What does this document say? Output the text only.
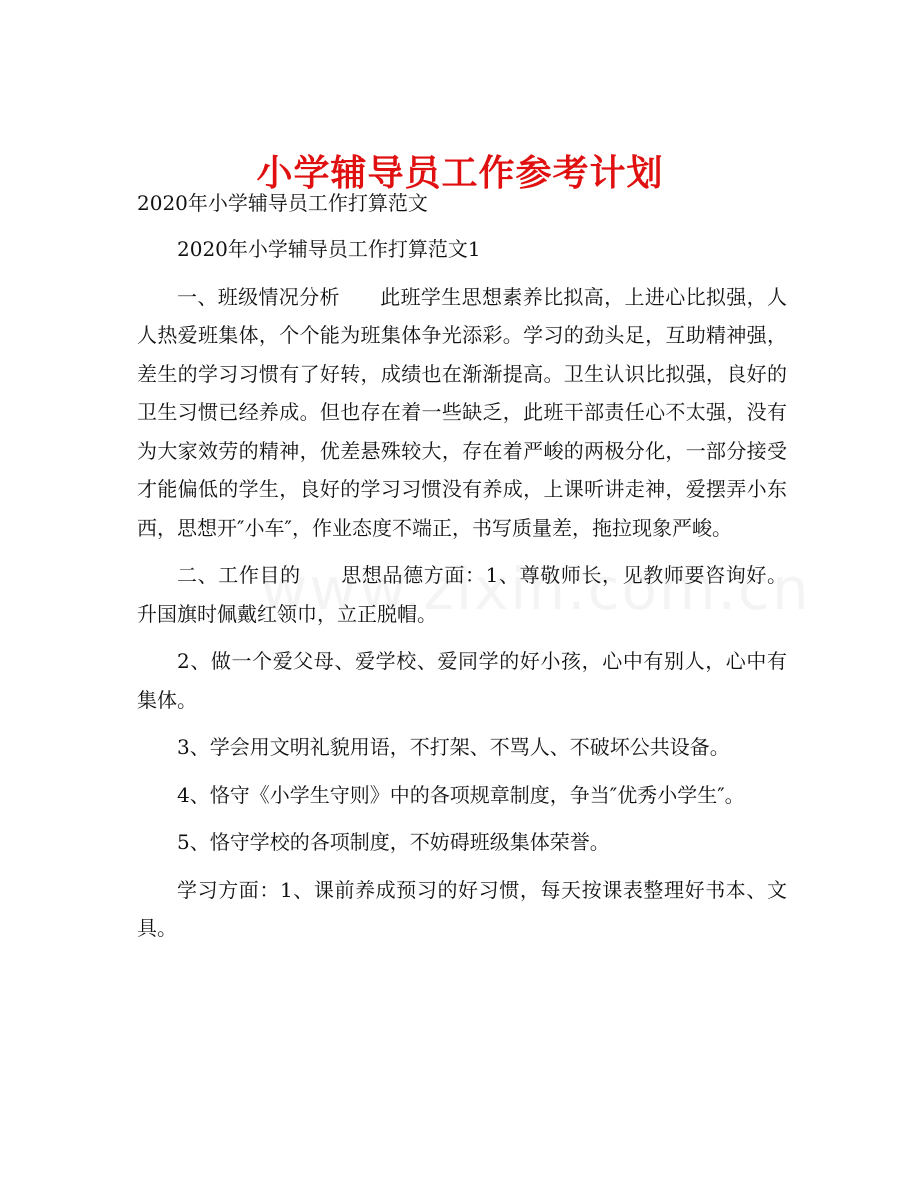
小学辅导员工作参考计划
2020年小学辅导员工作打算范文

2020年小学辅导员工作打算范文1

一、班级情况分析 此班学生思想素养比拟高，上进心比拟强，人人热爱班集体，个个能为班集体争光添彩。学习的劲头足，互助精神强，差生的学习习惯有了好转，成绩也在渐渐提高。卫生认识比拟强，良好的卫生习惯已经养成。但也存在着一些缺乏，此班干部责任心不太强，没有为大家效劳的精神，优差悬殊较大，存在着严峻的两极分化，一部分接受才能偏低的学生，良好的学习习惯没有养成，上课听讲走神，爱摆弄小东西，思想开″小车″，作业态度不端正，书写质量差，拖拉现象严峻。

二、工作目的 思想品德方面：1、尊敬师长，见教师要咨询好。升国旗时佩戴红领巾，立正脱帽。

2、做一个爱父母、爱学校、爱同学的好小孩，心中有别人，心中有集体。

3、学会用文明礼貌用语，不打架、不骂人、不破坏公共设备。

4、恪守《小学生守则》中的各项规章制度，争当″优秀小学生″。

5、恪守学校的各项制度，不妨碍班级集体荣誉。

学习方面：1、课前养成预习的好习惯，每天按课表整理好书本、文具。
